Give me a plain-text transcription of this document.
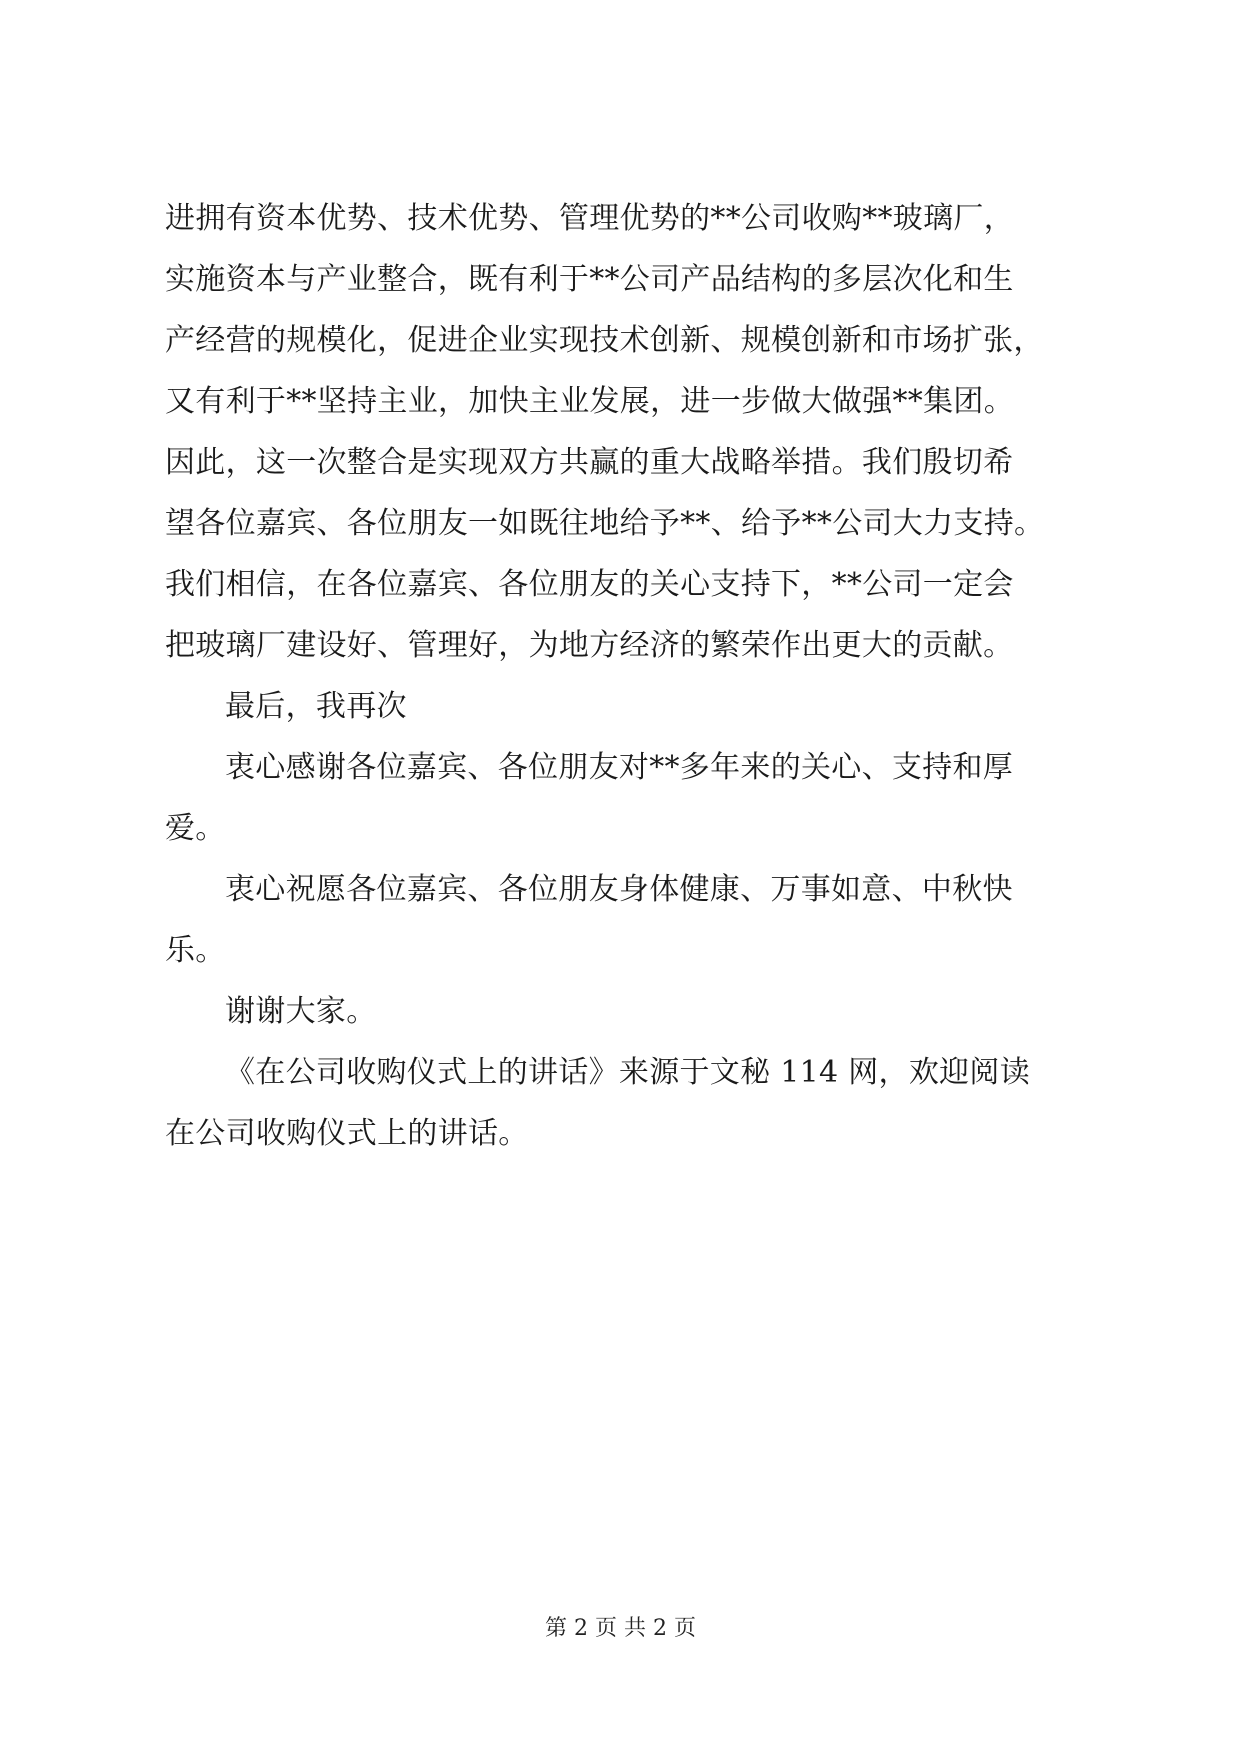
进拥有资本优势、技术优势、管理优势的**公司收购**玻璃厂，
实施资本与产业整合，既有利于**公司产品结构的多层次化和生
产经营的规模化，促进企业实现技术创新、规模创新和市场扩张，
又有利于**坚持主业，加快主业发展，进一步做大做强**集团。
因此，这一次整合是实现双方共赢的重大战略举措。我们殷切希
望各位嘉宾、各位朋友一如既往地给予**、给予**公司大力支持。
我们相信，在各位嘉宾、各位朋友的关心支持下，**公司一定会
把玻璃厂建设好、管理好，为地方经济的繁荣作出更大的贡献。
最后，我再次
衷心感谢各位嘉宾、各位朋友对**多年来的关心、支持和厚
爱。
衷心祝愿各位嘉宾、各位朋友身体健康、万事如意、中秋快
乐。
谢谢大家。
《在公司收购仪式上的讲话》来源于文秘 114 网，欢迎阅读
在公司收购仪式上的讲话。
第 2 页 共 2 页
